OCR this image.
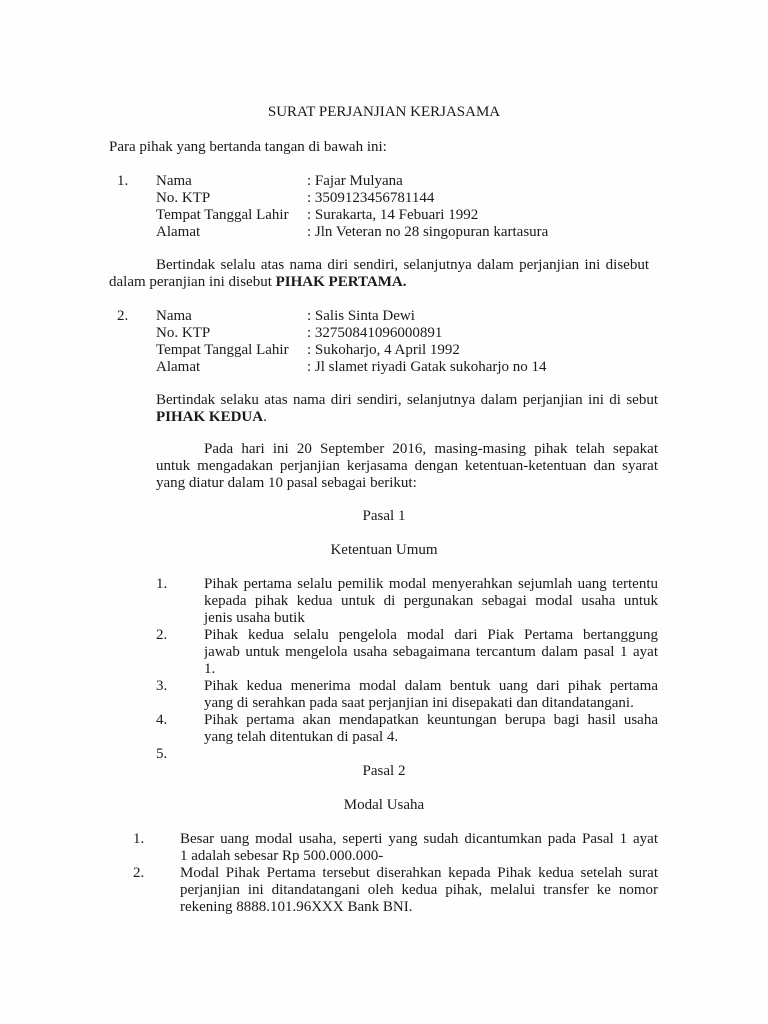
SURAT PERJANJIAN KERJASAMA
Para pihak yang bertanda tangan di bawah ini:
1. Nama	: Fajar Mulyana
No. KTP	: 3509123456781144
Tempat Tanggal Lahir : Surakarta, 14 Febuari 1992
Alamat	: Jln Veteran no 28 singopuran kartasura
Bertindak selalu atas nama diri sendiri, selanjutnya dalam perjanjian ini disebut
dalam peranjian ini disebut PIHAK PERTAMA.
2. Nama	: Salis Sinta Dewi
No. KTP	: 32750841096000891
Tempat Tanggal Lahir : Sukoharjo, 4 April 1992
Alamat	: Jl slamet riyadi Gatak sukoharjo no 14
Bertindak selaku atas nama diri sendiri, selanjutnya dalam perjanjian ini di sebut
PIHAK KEDUA.
Pada hari ini 20 September 2016, masing-masing pihak telah sepakat
untuk mengadakan perjanjian kerjasama dengan ketentuan-ketentuan dan syarat
yang diatur dalam 10 pasal sebagai berikut:
Pasal 1
Ketentuan Umum
1. Pihak pertama selalu pemilik modal menyerahkan sejumlah uang tertentu
kepada pihak kedua untuk di pergunakan sebagai modal usaha untuk
jenis usaha butik
2. Pihak kedua selalu pengelola modal dari Piak Pertama bertanggung
jawab untuk mengelola usaha sebagaimana tercantum dalam pasal 1 ayat
1.
3. Pihak kedua menerima modal dalam bentuk uang dari pihak pertama
yang di serahkan pada saat perjanjian ini disepakati dan ditandatangani.
4. Pihak pertama akan mendapatkan keuntungan berupa bagi hasil usaha
yang telah ditentukan di pasal 4.
5.
Pasal 2
Modal Usaha
1. Besar uang modal usaha, seperti yang sudah dicantumkan pada Pasal 1 ayat
1 adalah sebesar Rp 500.000.000-
2. Modal Pihak Pertama tersebut diserahkan kepada Pihak kedua setelah surat
perjanjian ini ditandatangani oleh kedua pihak, melalui transfer ke nomor
rekening 8888.101.96XXX Bank BNI.
